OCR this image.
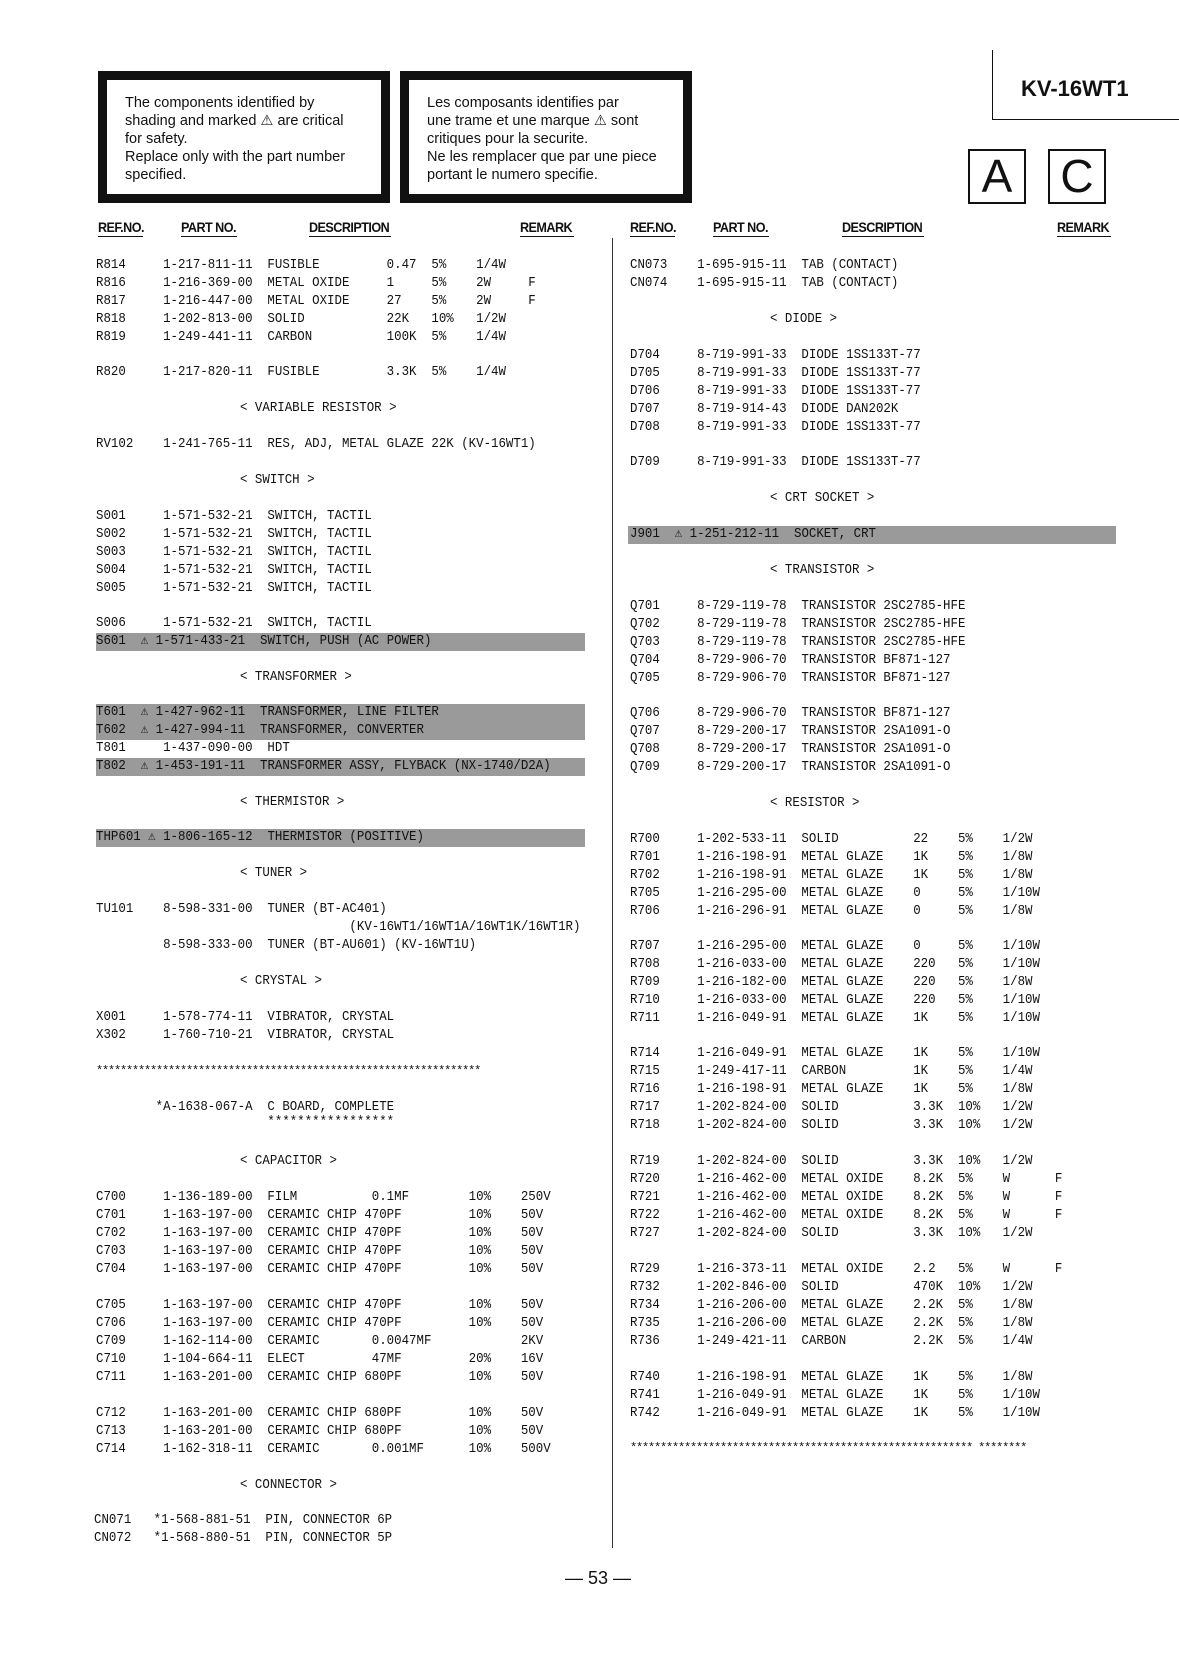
The components identified by
shading and marked ⚠ are critical
for safety.
Replace only with the part number
specified.
Les composants identifies par
une trame et une marque ⚠ sont
critiques pour la securite.
Ne les remplacer que par une piece
portant le numero specifie.
KV-16WT1
A C
REF.NO.	PART NO.	DESCRIPTION	REMARK	REF.NO.	PART NO.	DESCRIPTION	REMARK
R814     1-217-811-11  FUSIBLE         0.47  5%    1/4W
R816     1-216-369-00  METAL OXIDE     1     5%    2W     F
R817     1-216-447-00  METAL OXIDE     27    5%    2W     F
R818     1-202-813-00  SOLID           22K   10%   1/2W
R819     1-249-441-11  CARBON          100K  5%    1/4W
R820     1-217-820-11  FUSIBLE         3.3K  5%    1/4W
< VARIABLE RESISTOR >
RV102    1-241-765-11  RES, ADJ, METAL GLAZE 22K (KV-16WT1)
< SWITCH >
S001     1-571-532-21  SWITCH, TACTIL
S002     1-571-532-21  SWITCH, TACTIL
S003     1-571-532-21  SWITCH, TACTIL
S004     1-571-532-21  SWITCH, TACTIL
S005     1-571-532-21  SWITCH, TACTIL
S006     1-571-532-21  SWITCH, TACTIL
S601  ⚠ 1-571-433-21  SWITCH, PUSH (AC POWER)
< TRANSFORMER >
T601  ⚠ 1-427-962-11  TRANSFORMER, LINE FILTER
T602  ⚠ 1-427-994-11  TRANSFORMER, CONVERTER
T801     1-437-090-00  HDT
T802  ⚠ 1-453-191-11  TRANSFORMER ASSY, FLYBACK (NX-1740/D2A)
< THERMISTOR >
THP601 ⚠ 1-806-165-12  THERMISTOR (POSITIVE)
< TUNER >
TU101    8-598-331-00  TUNER (BT-AC401)
(KV-16WT1/16WT1A/16WT1K/16WT1R)
8-598-333-00  TUNER (BT-AU601) (KV-16WT1U)
< CRYSTAL >
X001     1-578-774-11  VIBRATOR, CRYSTAL
X302     1-760-710-21  VIBRATOR, CRYSTAL
****************************************************************
*A-1638-067-A  C BOARD, COMPLETE
*****************
< CAPACITOR >
C700     1-136-189-00  FILM          0.1MF        10%    250V
C701     1-163-197-00  CERAMIC CHIP 470PF         10%    50V
C702     1-163-197-00  CERAMIC CHIP 470PF         10%    50V
C703     1-163-197-00  CERAMIC CHIP 470PF         10%    50V
C704     1-163-197-00  CERAMIC CHIP 470PF         10%    50V
C705     1-163-197-00  CERAMIC CHIP 470PF         10%    50V
C706     1-163-197-00  CERAMIC CHIP 470PF         10%    50V
C709     1-162-114-00  CERAMIC       0.0047MF            2KV
C710     1-104-664-11  ELECT         47MF         20%    16V
C711     1-163-201-00  CERAMIC CHIP 680PF         10%    50V
C712     1-163-201-00  CERAMIC CHIP 680PF         10%    50V
C713     1-163-201-00  CERAMIC CHIP 680PF         10%    50V
C714     1-162-318-11  CERAMIC       0.001MF      10%    500V
< CONNECTOR >
CN071   *1-568-881-51  PIN, CONNECTOR 6P
CN072   *1-568-880-51  PIN, CONNECTOR 5P
CN073    1-695-915-11  TAB (CONTACT)
CN074    1-695-915-11  TAB (CONTACT)
< DIODE >
D704     8-719-991-33  DIODE 1SS133T-77
D705     8-719-991-33  DIODE 1SS133T-77
D706     8-719-991-33  DIODE 1SS133T-77
D707     8-719-914-43  DIODE DAN202K
D708     8-719-991-33  DIODE 1SS133T-77
D709     8-719-991-33  DIODE 1SS133T-77
< CRT SOCKET >
J901  ⚠ 1-251-212-11  SOCKET, CRT
< TRANSISTOR >
Q701     8-729-119-78  TRANSISTOR 2SC2785-HFE
Q702     8-729-119-78  TRANSISTOR 2SC2785-HFE
Q703     8-729-119-78  TRANSISTOR 2SC2785-HFE
Q704     8-729-906-70  TRANSISTOR BF871-127
Q705     8-729-906-70  TRANSISTOR BF871-127
Q706     8-729-906-70  TRANSISTOR BF871-127
Q707     8-729-200-17  TRANSISTOR 2SA1091-O
Q708     8-729-200-17  TRANSISTOR 2SA1091-O
Q709     8-729-200-17  TRANSISTOR 2SA1091-O
< RESISTOR >
R700     1-202-533-11  SOLID          22    5%    1/2W
R701     1-216-198-91  METAL GLAZE    1K    5%    1/8W
R702     1-216-198-91  METAL GLAZE    1K    5%    1/8W
R705     1-216-295-00  METAL GLAZE    0     5%    1/10W
R706     1-216-296-91  METAL GLAZE    0     5%    1/8W
R707     1-216-295-00  METAL GLAZE    0     5%    1/10W
R708     1-216-033-00  METAL GLAZE    220   5%    1/10W
R709     1-216-182-00  METAL GLAZE    220   5%    1/8W
R710     1-216-033-00  METAL GLAZE    220   5%    1/10W
R711     1-216-049-91  METAL GLAZE    1K    5%    1/10W
R714     1-216-049-91  METAL GLAZE    1K    5%    1/10W
R715     1-249-417-11  CARBON         1K    5%    1/4W
R716     1-216-198-91  METAL GLAZE    1K    5%    1/8W
R717     1-202-824-00  SOLID          3.3K  10%   1/2W
R718     1-202-824-00  SOLID          3.3K  10%   1/2W
R719     1-202-824-00  SOLID          3.3K  10%   1/2W
R720     1-216-462-00  METAL OXIDE    8.2K  5%    W      F
R721     1-216-462-00  METAL OXIDE    8.2K  5%    W      F
R722     1-216-462-00  METAL OXIDE    8.2K  5%    W      F
R727     1-202-824-00  SOLID          3.3K  10%   1/2W
R729     1-216-373-11  METAL OXIDE    2.2   5%    W      F
R732     1-202-846-00  SOLID          470K  10%   1/2W
R734     1-216-206-00  METAL GLAZE    2.2K  5%    1/8W
R735     1-216-206-00  METAL GLAZE    2.2K  5%    1/8W
R736     1-249-421-11  CARBON         2.2K  5%    1/4W
R740     1-216-198-91  METAL GLAZE    1K    5%    1/8W
R741     1-216-049-91  METAL GLAZE    1K    5%    1/10W
R742     1-216-049-91  METAL GLAZE    1K    5%    1/10W
********************************************************* ********
— 53 —
